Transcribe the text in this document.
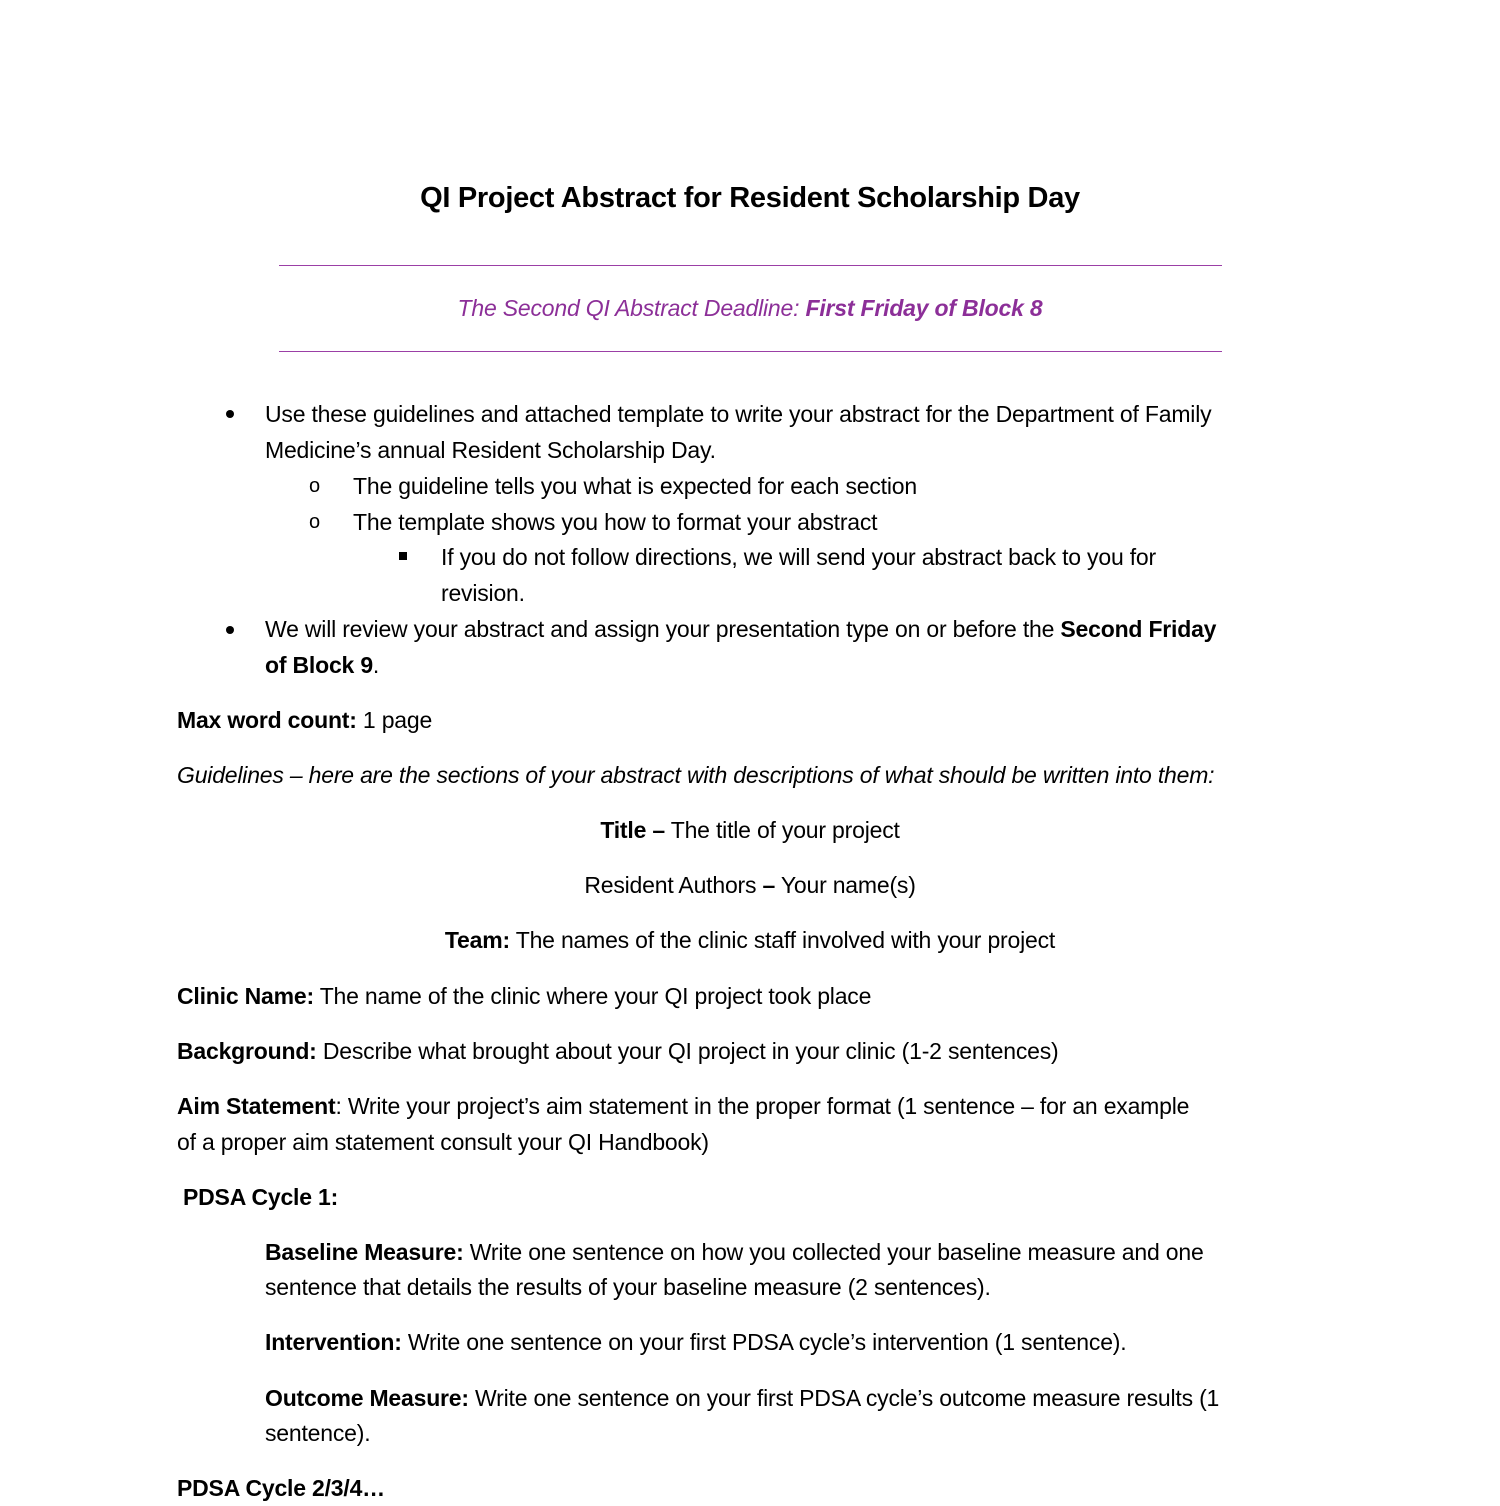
QI Project Abstract for Resident Scholarship Day
The Second QI Abstract Deadline: First Friday of Block 8
Use these guidelines and attached template to write your abstract for the Department of Family
Medicine’s annual Resident Scholarship Day.
o The guideline tells you what is expected for each section
o The template shows you how to format your abstract
If you do not follow directions, we will send your abstract back to you for
revision.
We will review your abstract and assign your presentation type on or before the Second Friday
of Block 9.
Max word count: 1 page
Guidelines – here are the sections of your abstract with descriptions of what should be written into them:
Title – The title of your project
Resident Authors – Your name(s)
Team: The names of the clinic staff involved with your project
Clinic Name: The name of the clinic where your QI project took place
Background: Describe what brought about your QI project in your clinic (1-2 sentences)
Aim Statement: Write your project’s aim statement in the proper format (1 sentence – for an example
of a proper aim statement consult your QI Handbook)
PDSA Cycle 1:
Baseline Measure: Write one sentence on how you collected your baseline measure and one
sentence that details the results of your baseline measure (2 sentences).
Intervention: Write one sentence on your first PDSA cycle’s intervention (1 sentence).
Outcome Measure: Write one sentence on your first PDSA cycle’s outcome measure results (1
sentence).
PDSA Cycle 2/3/4…
